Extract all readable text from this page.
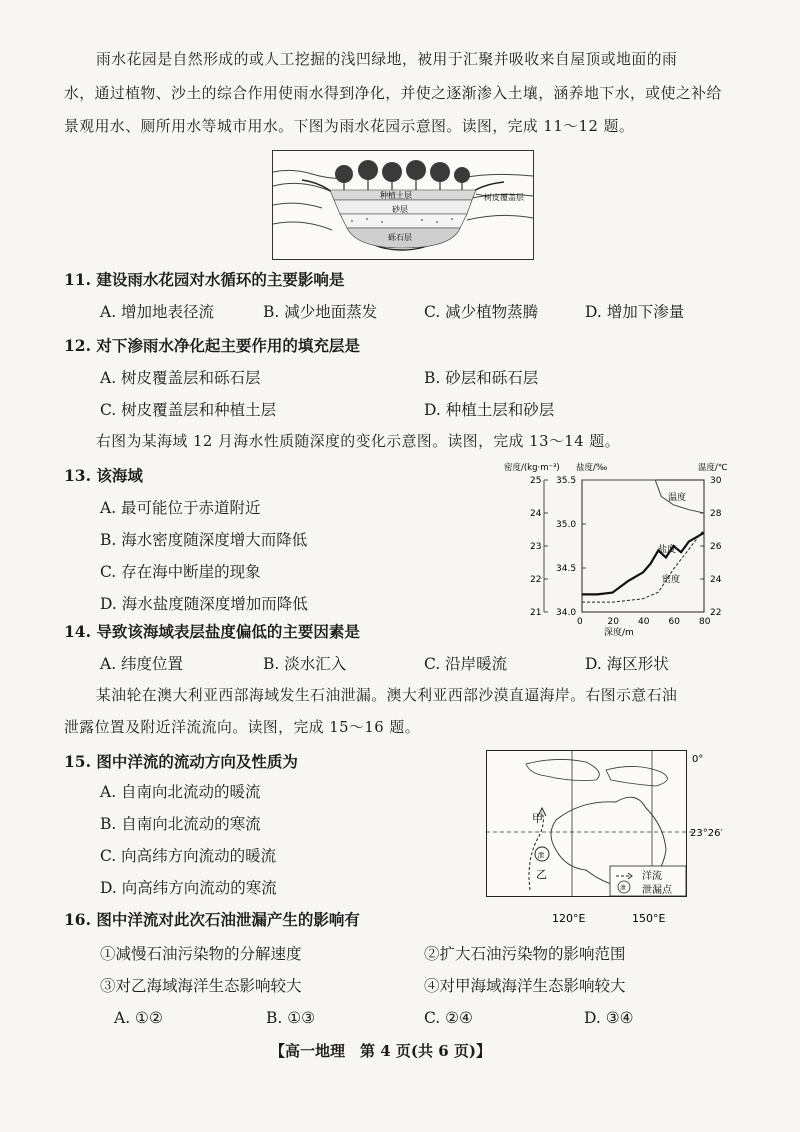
雨水花园是自然形成的或人工挖掘的浅凹绿地，被用于汇聚并吸收来自屋顶或地面的雨
水，通过植物、沙土的综合作用使雨水得到净化，并使之逐渐渗入土壤，涵养地下水，或使之补给
景观用水、厕所用水等城市用水。下图为雨水花园示意图。读图，完成 11～12 题。
种植土层
砂层
砾石层
树皮覆盖层
11. 建设雨水花园对水循环的主要影响是
A. 增加地表径流	B. 减少地面蒸发	C. 减少植物蒸腾	D. 增加下渗量
12. 对下渗雨水净化起主要作用的填充层是
A. 树皮覆盖层和砾石层	B. 砂层和砾石层
C. 树皮覆盖层和种植土层	D. 种植土层和砂层
右图为某海域 12 月海水性质随深度的变化示意图。读图，完成 13～14 题。
13. 该海域
A. 最可能位于赤道附近
B. 海水密度随深度增大而降低
C. 存在海中断崖的现象
D. 海水盐度随深度增加而降低
密度/(kg·m⁻³) 盐度/‰	温度/℃
25
24
23
22
21
35.5
35.0
34.5
34.0
30
28
26
24
22
0	20 40 60 80
温度
盐度
密度
深度/m
14. 导致该海域表层盐度偏低的主要因素是
A. 纬度位置	B. 淡水汇入	C. 沿岸暖流	D. 海区形状
某油轮在澳大利亚西部海域发生石油泄漏。澳大利亚西部沙漠直逼海岸。右图示意石油
泄露位置及附近洋流流向。读图，完成 15～16 题。
15. 图中洋流的流动方向及性质为
A. 自南向北流动的暖流
B. 自南向北流动的寒流
C. 向高纬方向流动的暖流
D. 向高纬方向流动的寒流
泄
甲
乙
0°
23°26′
120°E	150°E
泄
洋流
泄漏点
16. 图中洋流对此次石油泄漏产生的影响有
①减慢石油污染物的分解速度	②扩大石油污染物的影响范围
③对乙海域海洋生态影响较大	④对甲海域海洋生态影响较大
A. ①②	B. ①③	C. ②④	D. ③④
【高一地理　第 4 页(共 6 页)】
